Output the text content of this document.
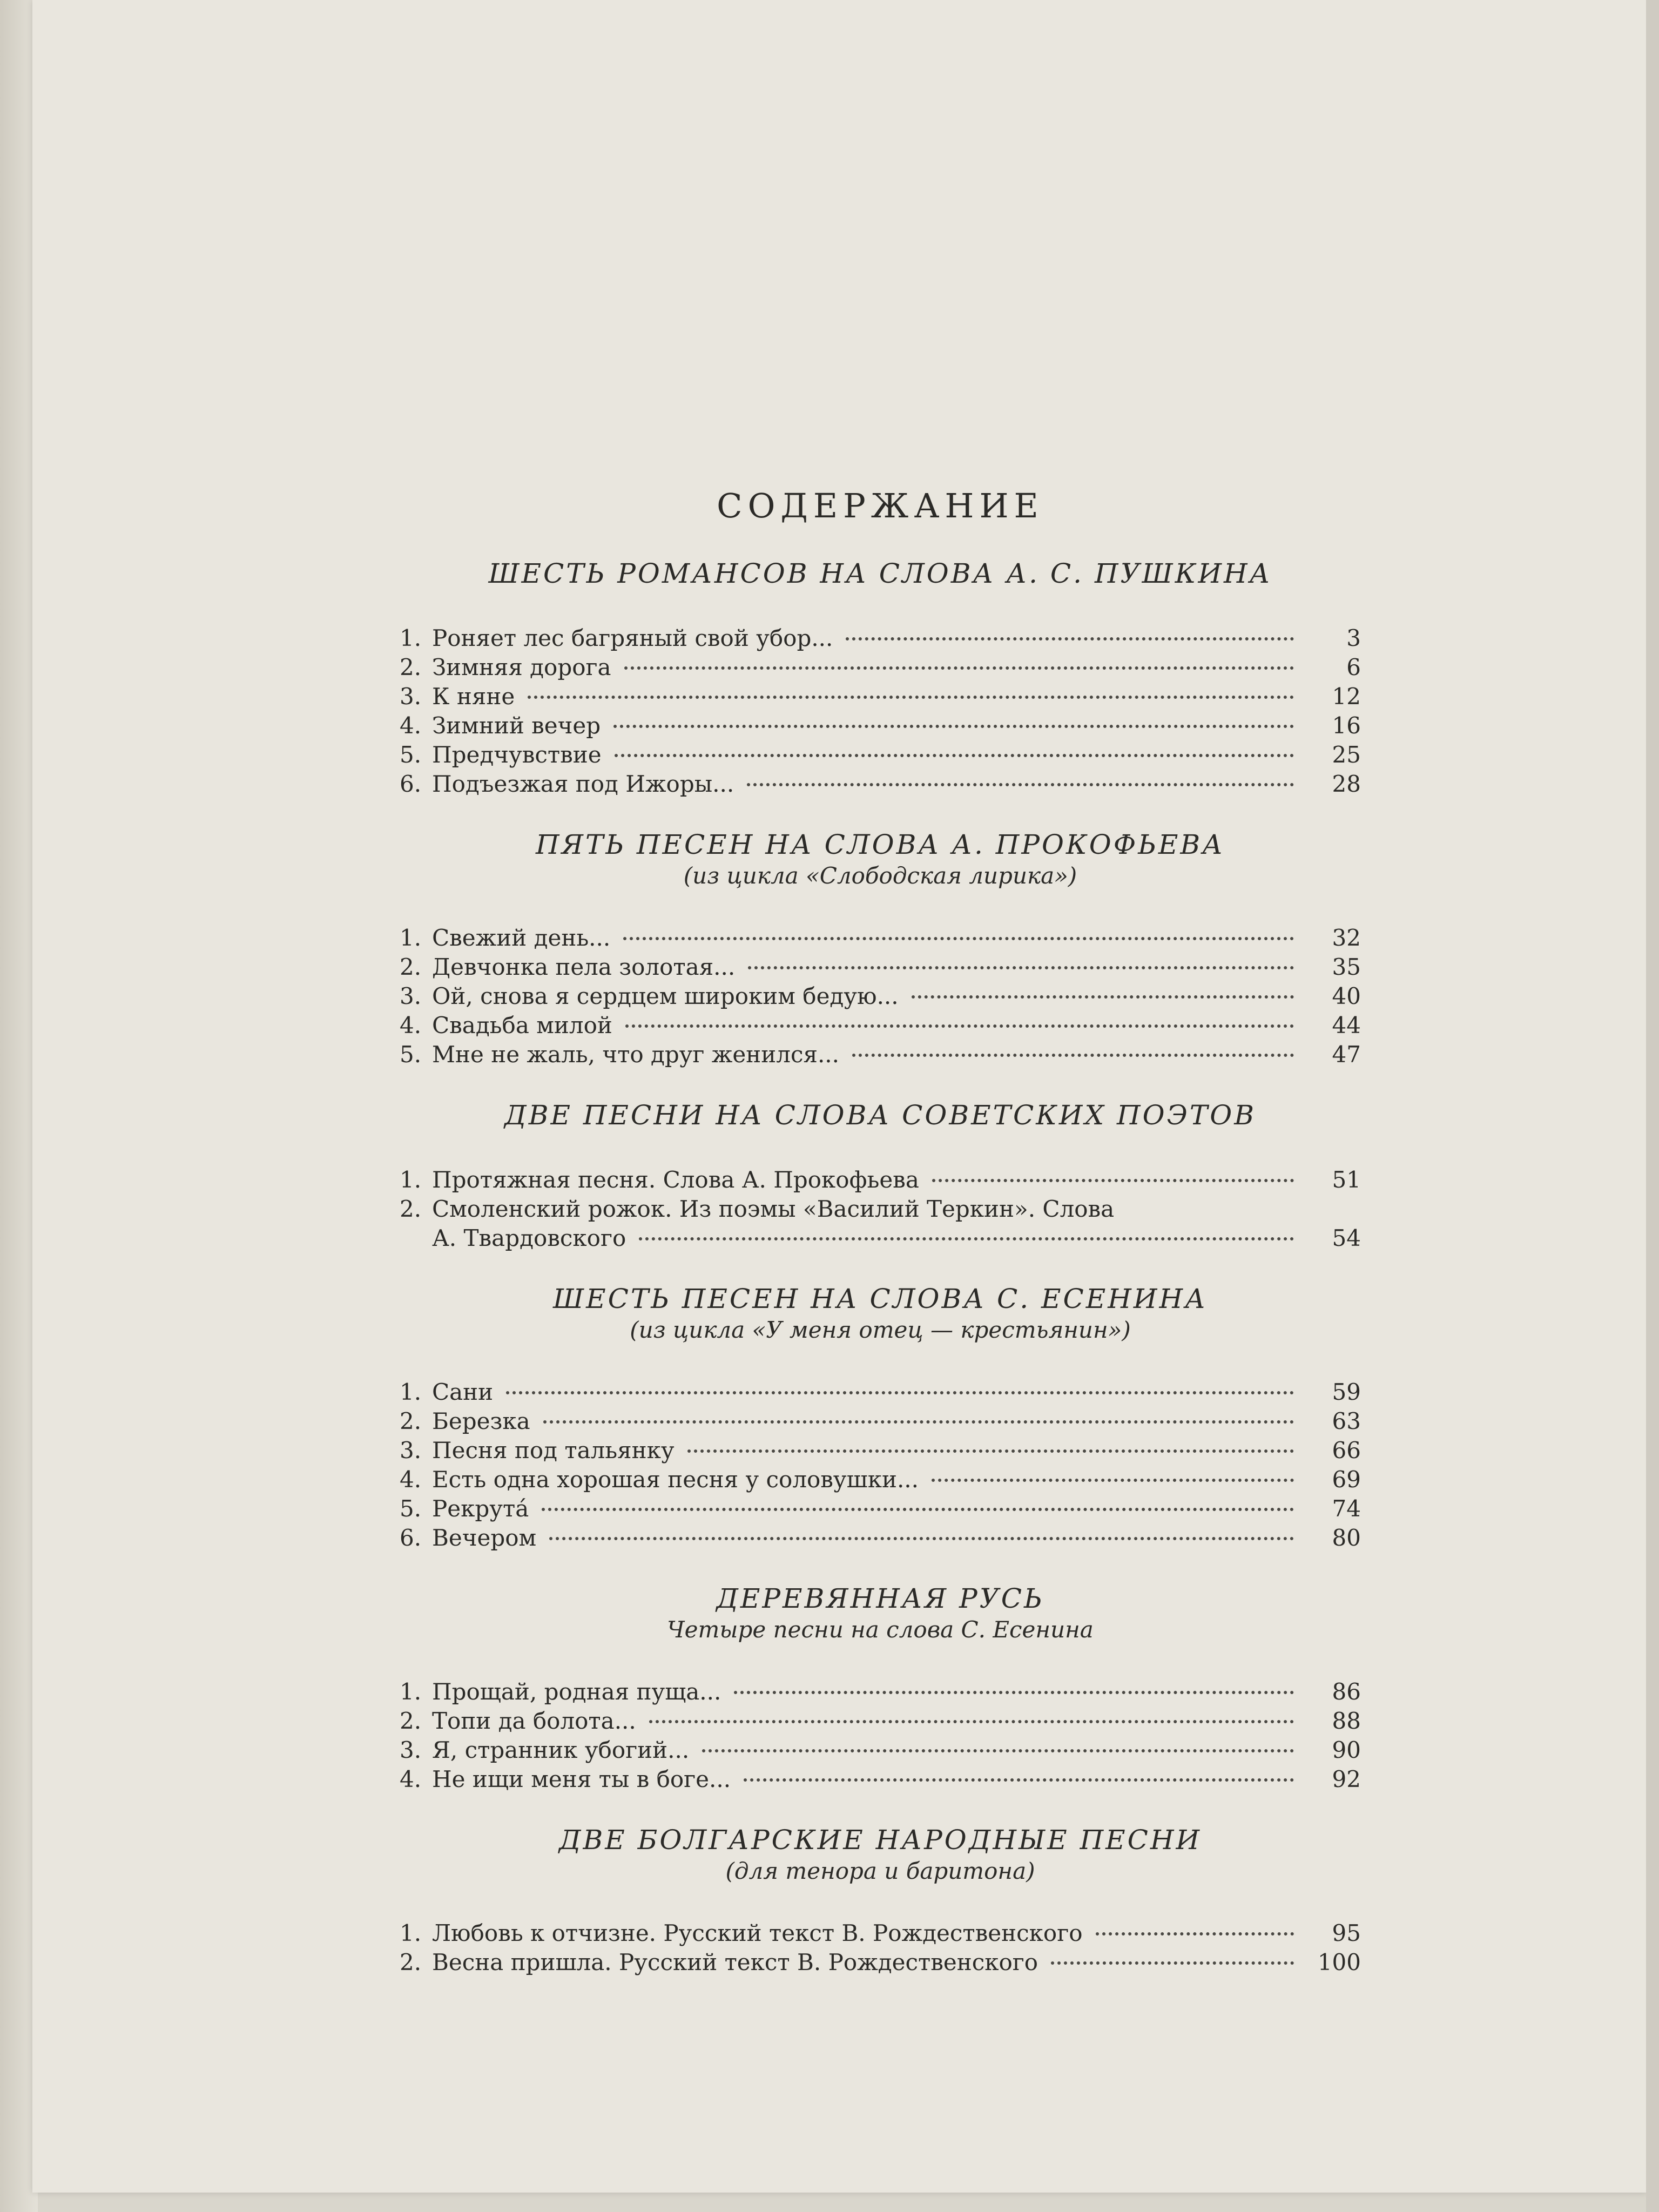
СОДЕРЖАНИЕ
ШЕСТЬ РОМАНСОВ НА СЛОВА А. С. ПУШКИНА
1. Роняет лес багряный свой убор...	3
2. Зимняя дорога	6
3. К няне	12
4. Зимний вечер	16
5. Предчувствие	25
6. Подъезжая под Ижоры...	28
ПЯТЬ ПЕСЕН НА СЛОВА А. ПРОКОФЬЕВА
(из цикла «Слободская лирика»)
1. Свежий день...	32
2. Девчонка пела золотая...	35
3. Ой, снова я сердцем широким бедую...	40
4. Свадьба милой	44
5. Мне не жаль, что друг женился...	47
ДВЕ ПЕСНИ НА СЛОВА СОВЕТСКИХ ПОЭТОВ
1. Протяжная песня. Слова А. Прокофьева	51
2. Смоленский рожок. Из поэмы «Василий Теркин». Слова
А. Твардовского	54
ШЕСТЬ ПЕСЕН НА СЛОВА С. ЕСЕНИНА
(из цикла «У меня отец — крестьянин»)
1. Сани	59
2. Березка	63
3. Песня под тальянку	66
4. Есть одна хорошая песня у соловушки...	69
5. Рекрута́	74
6. Вечером	80
ДЕРЕВЯННАЯ РУСЬ
Четыре песни на слова С. Есенина
1. Прощай, родная пуща...	86
2. Топи да болота...	88
3. Я, странник убогий...	90
4. Не ищи меня ты в боге...	92
ДВЕ БОЛГАРСКИЕ НАРОДНЫЕ ПЕСНИ
(для тенора и баритона)
1. Любовь к отчизне. Русский текст В. Рождественского	95
2. Весна пришла. Русский текст В. Рождественского	100
